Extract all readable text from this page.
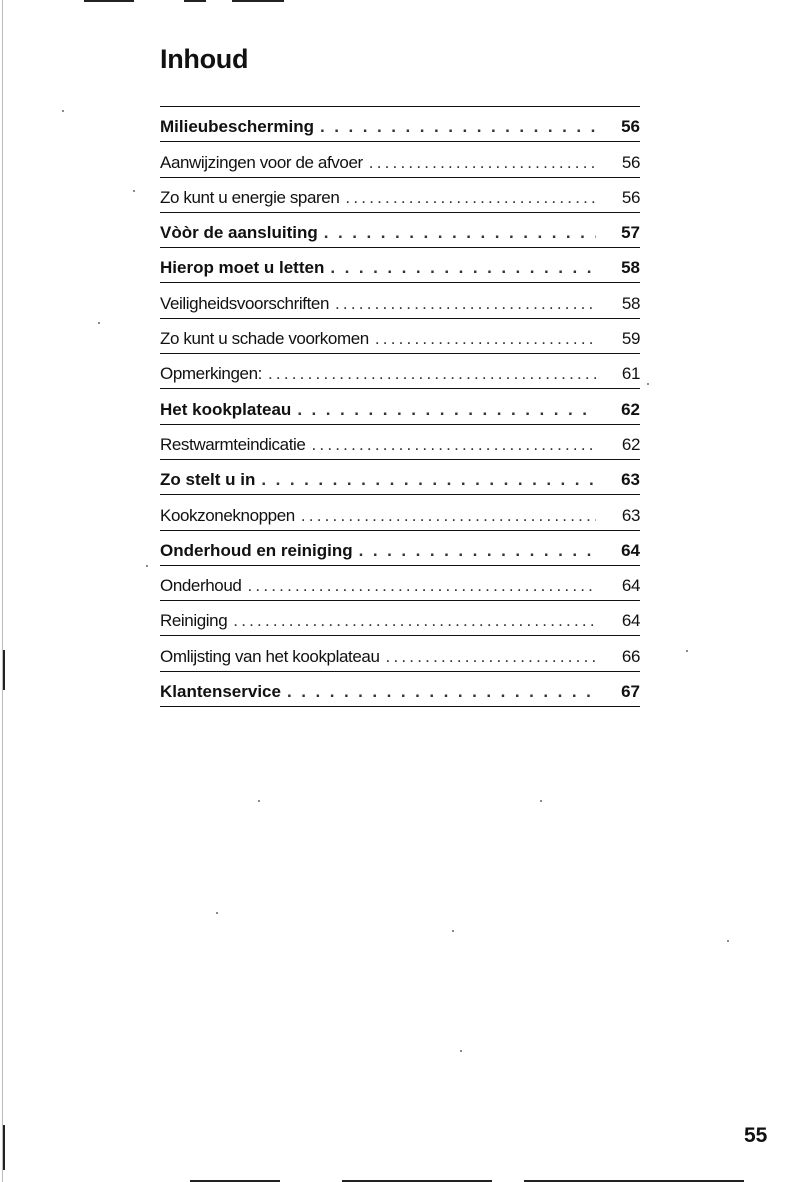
Inhoud
Milieubescherming . . .	56
Aanwijzingen voor de afvoer .....	56
Zo kunt u energie sparen .....	56
Vòòr de aansluiting . . .	57
Hierop moet u letten . . .	58
Veiligheidsvoorschriften .....	58
Zo kunt u schade voorkomen .....	59
Opmerkingen: .....	61
Het kookplateau . . .	62
Restwarmteindicatie .....	62
Zo stelt u in . . .	63
Kookzoneknoppen .....	63
Onderhoud en reiniging . . .	64
Onderhoud .....	64
Reiniging .....	64
Omlijsting van het kookplateau .....	66
Klantenservice . . .	67
55
